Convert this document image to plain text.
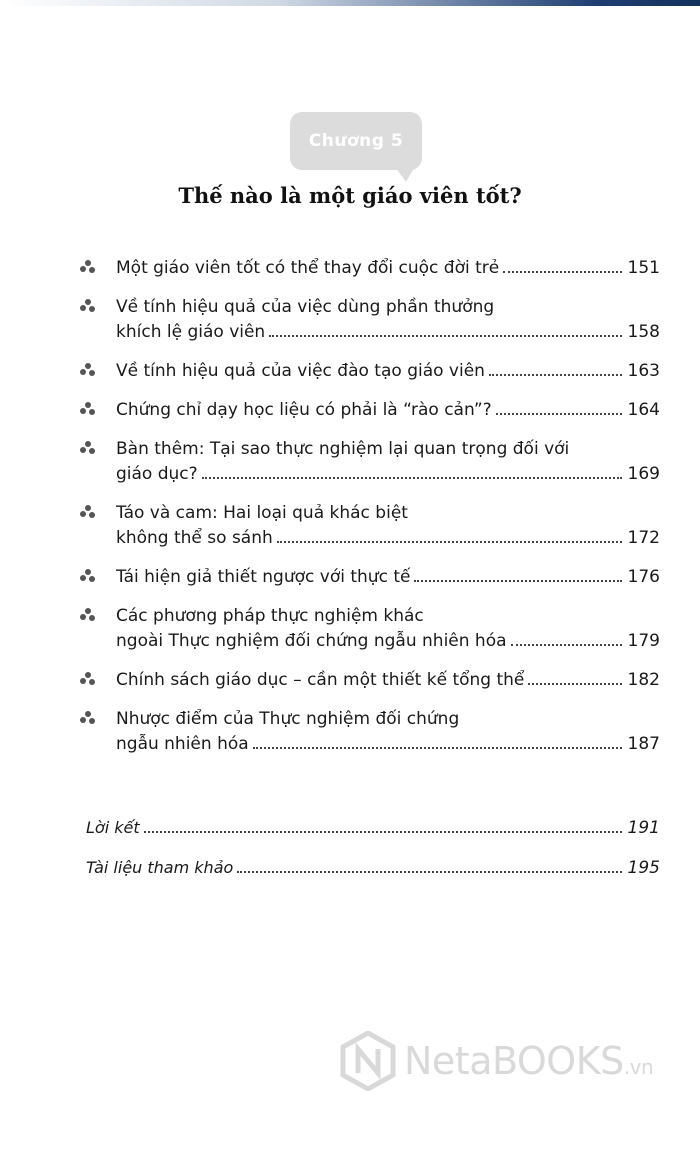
Chương 5
Thế nào là một giáo viên tốt?
Một giáo viên tốt có thể thay đổi cuộc đời trẻ	151
Về tính hiệu quả của việc dùng phần thưởng
khích lệ giáo viên	158
Về tính hiệu quả của việc đào tạo giáo viên	163
Chứng chỉ dạy học liệu có phải là “rào cản”?	164
Bàn thêm: Tại sao thực nghiệm lại quan trọng đối với
giáo dục?	169
Táo và cam: Hai loại quả khác biệt
không thể so sánh	172
Tái hiện giả thiết ngược với thực tế	176
Các phương pháp thực nghiệm khác
ngoài Thực nghiệm đối chứng ngẫu nhiên hóa	179
Chính sách giáo dục – cần một thiết kế tổng thể	182
Nhược điểm của Thực nghiệm đối chứng
ngẫu nhiên hóa	187
Lời kết	191
Tài liệu tham khảo	195
NetaBOOKS.vn
